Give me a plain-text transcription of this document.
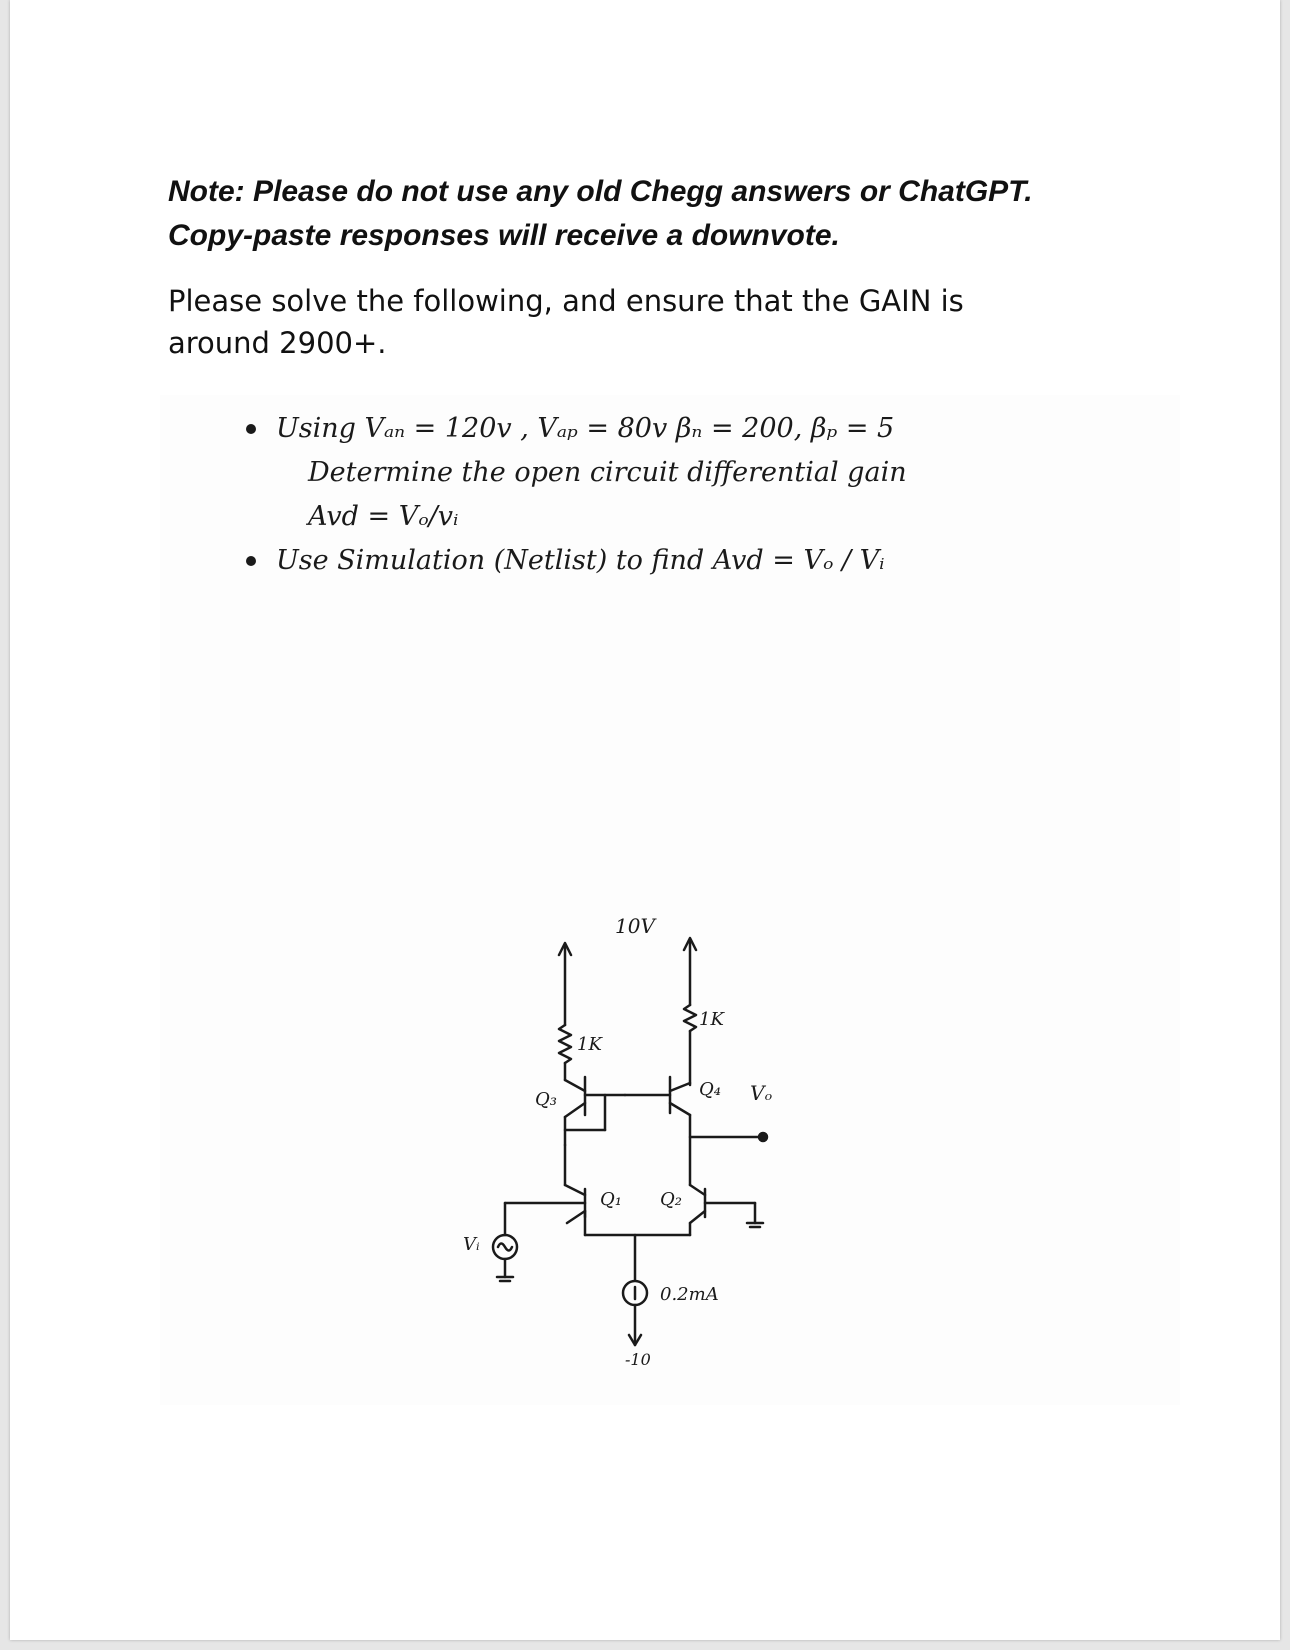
Note: Please do not use any old Chegg answers or ChatGPT.
Copy-paste responses will receive a downvote.
Please solve the following, and ensure that the GAIN is
around 2900+.
Using Vₐₙ = 120v , Vₐₚ = 80v βₙ = 200, βₚ = 5
Determine the open circuit differential gain
Avd = Vₒ/vᵢ
Use Simulation (Netlist) to find Avd = Vₒ / Vᵢ
10V
1K
1K
Q₃	Q₄ Vₒ
Q₁ Q₂
0.2mA
-10
Vᵢ
